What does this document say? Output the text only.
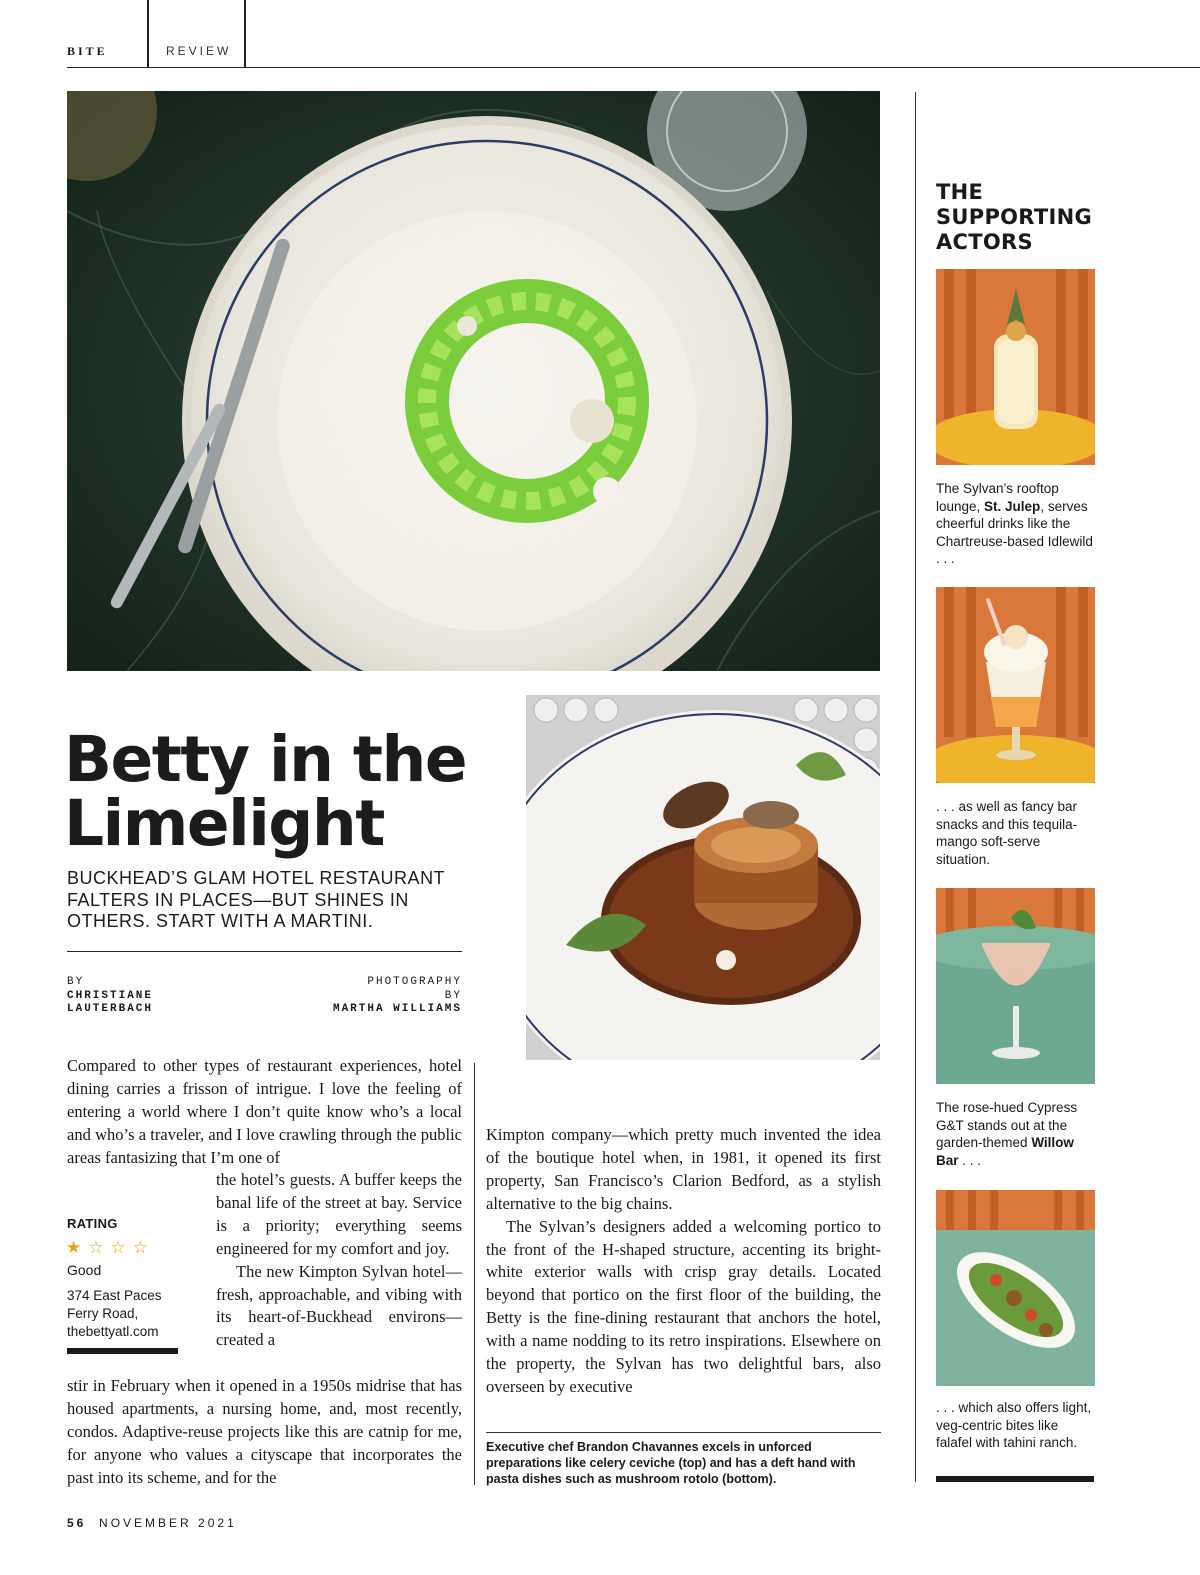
BITE	REVIEW
Betty in the
Limelight
BUCKHEAD’S GLAM HOTEL RESTAURANT FALTERS IN PLACES—BUT SHINES IN OTHERS. START WITH A MARTINI.
BY
CHRISTIANE
LAUTERBACH
PHOTOGRAPHY
BY
MARTHA WILLIAMS

Compared to other types of restaurant experiences, hotel dining carries a frisson of intrigue. I love the feeling of entering a world where I don’t quite know who’s a local and who’s a traveler, and I love crawling through the public areas fantasizing that I’m one of

the hotel’s guests. A buffer keeps the banal life of the street at bay. Service is a priority; everything seems engineered for my comfort and joy.

The new Kimpton Sylvan hotel—fresh, approachable, and vibing with its heart-of-Buckhead environs—created a

stir in February when it opened in a 1950s midrise that has housed apartments, a nursing home, and, most recently, condos. Adaptive-reuse projects like this are catnip for me, for anyone who values a cityscape that incorporates the past into its scheme, and for the

RATING
★☆☆☆
Good
374 East Paces
Ferry Road,
thebettyatl.com

Kimpton company—which pretty much invented the idea of the boutique hotel when, in 1981, it opened its first property, San Francisco’s Clarion Bedford, as a stylish alternative to the big chains.

The Sylvan’s designers added a welcoming portico to the front of the H-shaped structure, accenting its bright-white exterior walls with crisp gray details. Located beyond that portico on the first floor of the building, the Betty is the fine-dining restaurant that anchors the hotel, with a name nodding to its retro inspirations. Elsewhere on the property, the Sylvan has two delightful bars, also overseen by executive

Executive chef Brandon Chavannes excels in unforced preparations like celery ceviche (top) and has a deft hand with pasta dishes such as mushroom rotolo (bottom).
THE
SUPPORTING
ACTORS
The Sylvan’s rooftop lounge, St. Julep, serves cheerful drinks like the Chartreuse-based Idlewild . . .
. . . as well as fancy bar snacks and this tequila-mango soft-serve situation.
The rose-hued Cypress G&T stands out at the garden-themed Willow Bar . . .
. . . which also offers light, veg-centric bites like falafel with tahini ranch.
56 NOVEMBER 2021
